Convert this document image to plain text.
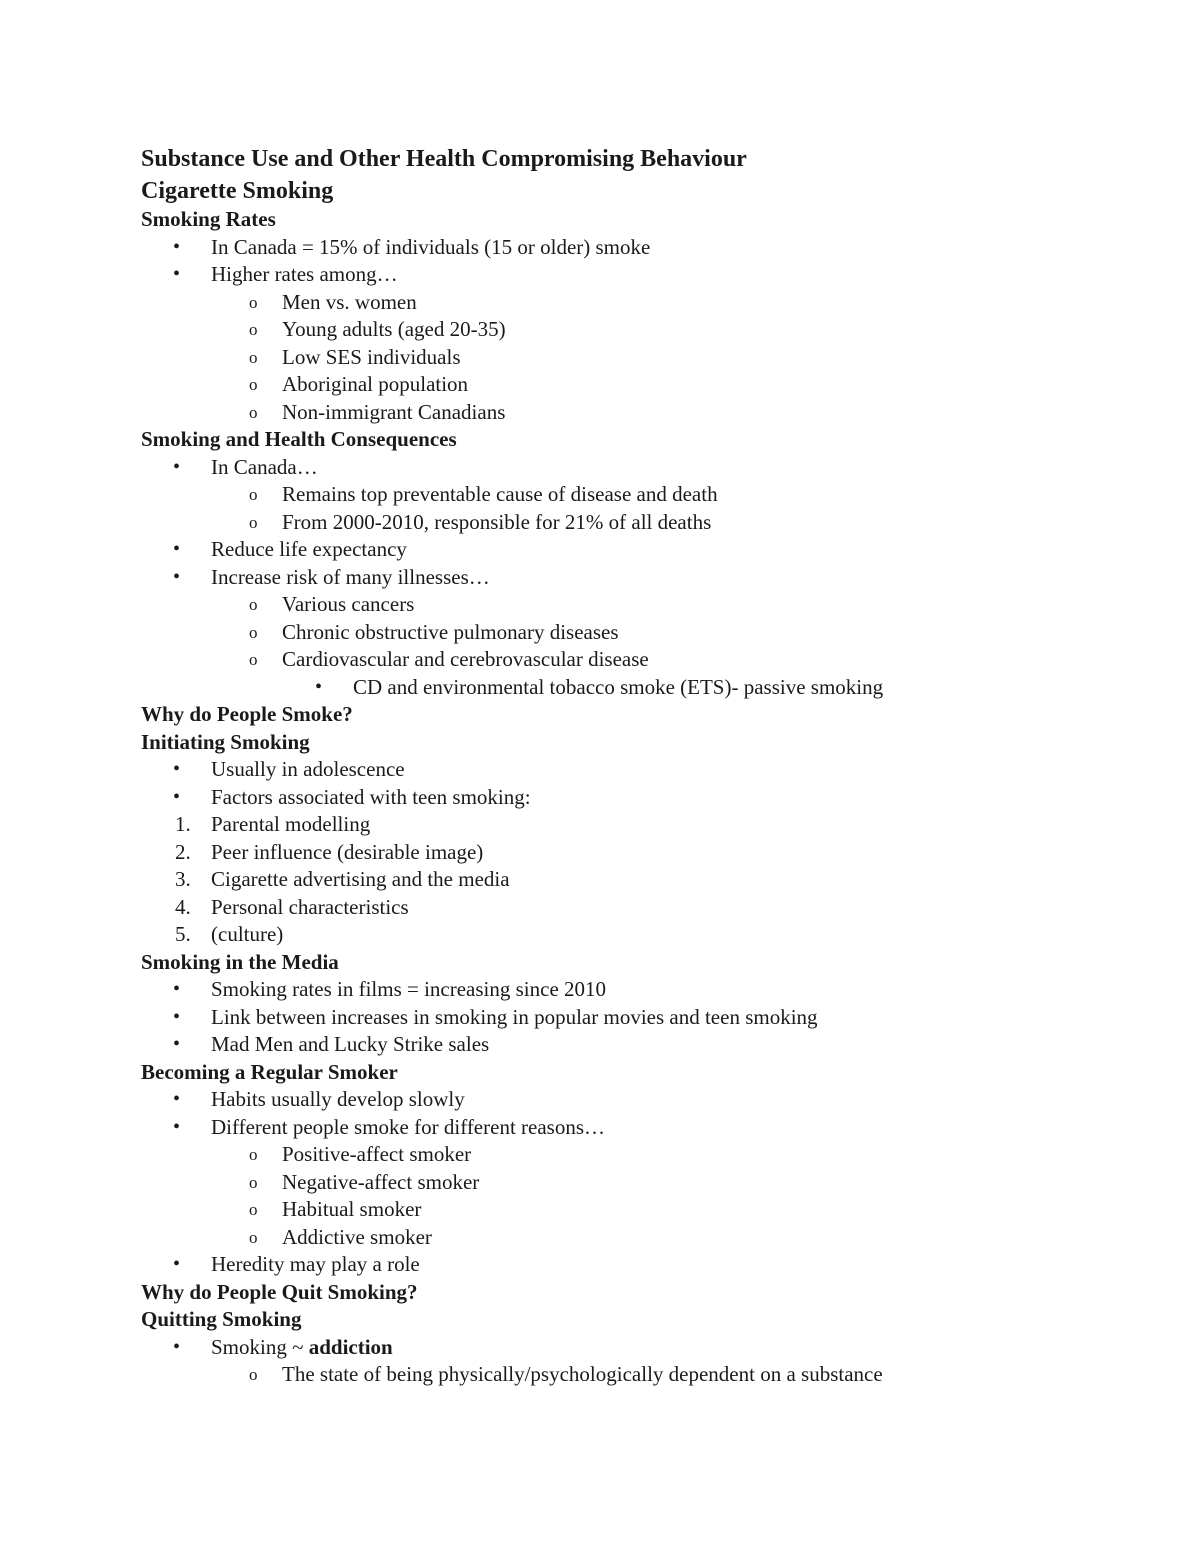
Substance Use and Other Health Compromising Behaviour
Cigarette Smoking
Smoking Rates
• In Canada = 15% of individuals (15 or older) smoke
• Higher rates among…
o Men vs. women
o Young adults (aged 20-35)
o Low SES individuals
o Aboriginal population
o Non-immigrant Canadians
Smoking and Health Consequences
• In Canada…
o Remains top preventable cause of disease and death
o From 2000-2010, responsible for 21% of all deaths
• Reduce life expectancy
• Increase risk of many illnesses…
o Various cancers
o Chronic obstructive pulmonary diseases
o Cardiovascular and cerebrovascular disease
• CD and environmental tobacco smoke (ETS)- passive smoking
Why do People Smoke?
Initiating Smoking
• Usually in adolescence
• Factors associated with teen smoking:
1. Parental modelling
2. Peer influence (desirable image)
3. Cigarette advertising and the media
4. Personal characteristics
5. (culture)
Smoking in the Media
• Smoking rates in films = increasing since 2010
• Link between increases in smoking in popular movies and teen smoking
• Mad Men and Lucky Strike sales
Becoming a Regular Smoker
• Habits usually develop slowly
• Different people smoke for different reasons…
o Positive-affect smoker
o Negative-affect smoker
o Habitual smoker
o Addictive smoker
• Heredity may play a role
Why do People Quit Smoking?
Quitting Smoking
• Smoking ~ addiction
o The state of being physically/psychologically dependent on a substance
